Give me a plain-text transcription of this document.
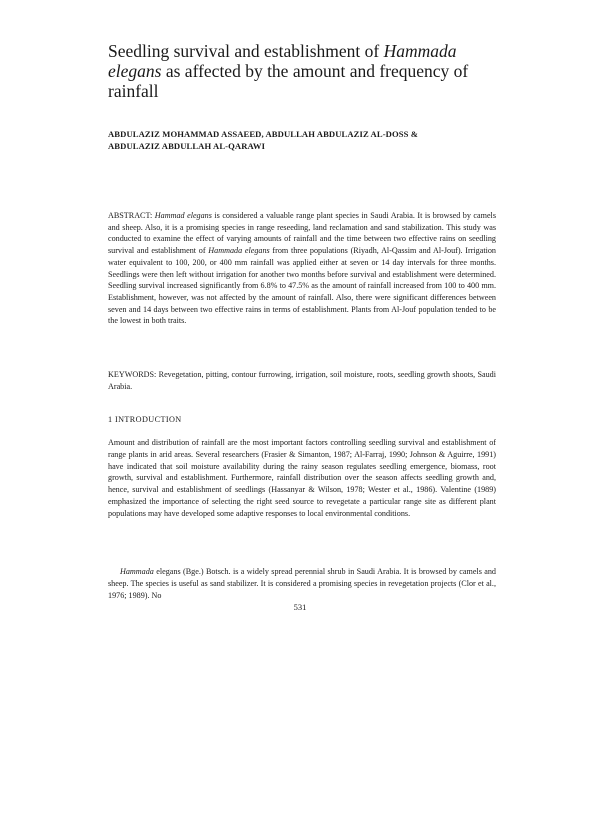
Seedling survival and establishment of Hammada elegans as affected by the amount and frequency of rainfall
ABDULAZIZ MOHAMMAD ASSAEED, ABDULLAH ABDULAZIZ AL-DOSS &
ABDULAZIZ ABDULLAH AL-QARAWI

ABSTRACT: Hammad elegans is considered a valuable range plant species in Saudi Arabia. It is browsed by camels and sheep. Also, it is a promising species in range reseeding, land reclamation and sand stabilization. This study was conducted to examine the effect of varying amounts of rainfall and the time between two effective rains on seedling survival and establishment of Hammada elegans from three populations (Riyadh, Al-Qassim and Al-Jouf). Irrigation water equivalent to 100, 200, or 400 mm rainfall was applied either at seven or 14 day intervals for three months. Seedlings were then left without irrigation for another two months before survival and establishment were determined. Seedling survival increased significantly from 6.8% to 47.5% as the amount of rainfall increased from 100 to 400 mm. Establishment, however, was not affected by the amount of rainfall. Also, there were significant differences between seven and 14 days between two effective rains in terms of establishment. Plants from Al-Jouf population tended to be the lowest in both traits.

KEYWORDS: Revegetation, pitting, contour furrowing, irrigation, soil moisture, roots, seedling growth shoots, Saudi Arabia.

1 INTRODUCTION

Amount and distribution of rainfall are the most important factors controlling seedling survival and establishment of range plants in arid areas. Several researchers (Frasier & Simanton, 1987; Al-Farraj, 1990; Johnson & Aguirre, 1991) have indicated that soil moisture availability during the rainy season regulates seedling emergence, biomass, root growth, survival and establishment. Furthermore, rainfall distribution over the season affects seedling growth and, hence, survival and establishment of seedlings (Hassanyar & Wilson, 1978; Wester et al., 1986). Valentine (1989) emphasized the importance of selecting the right seed source to revegetate a particular range site as different plant populations may have developed some adaptive responses to local environmental conditions.

Hammada elegans (Bge.) Botsch. is a widely spread perennial shrub in Saudi Arabia. It is browsed by camels and sheep. The species is useful as sand stabilizer. It is considered a promising species in revegetation projects (Clor et al., 1976; 1989). No

531
